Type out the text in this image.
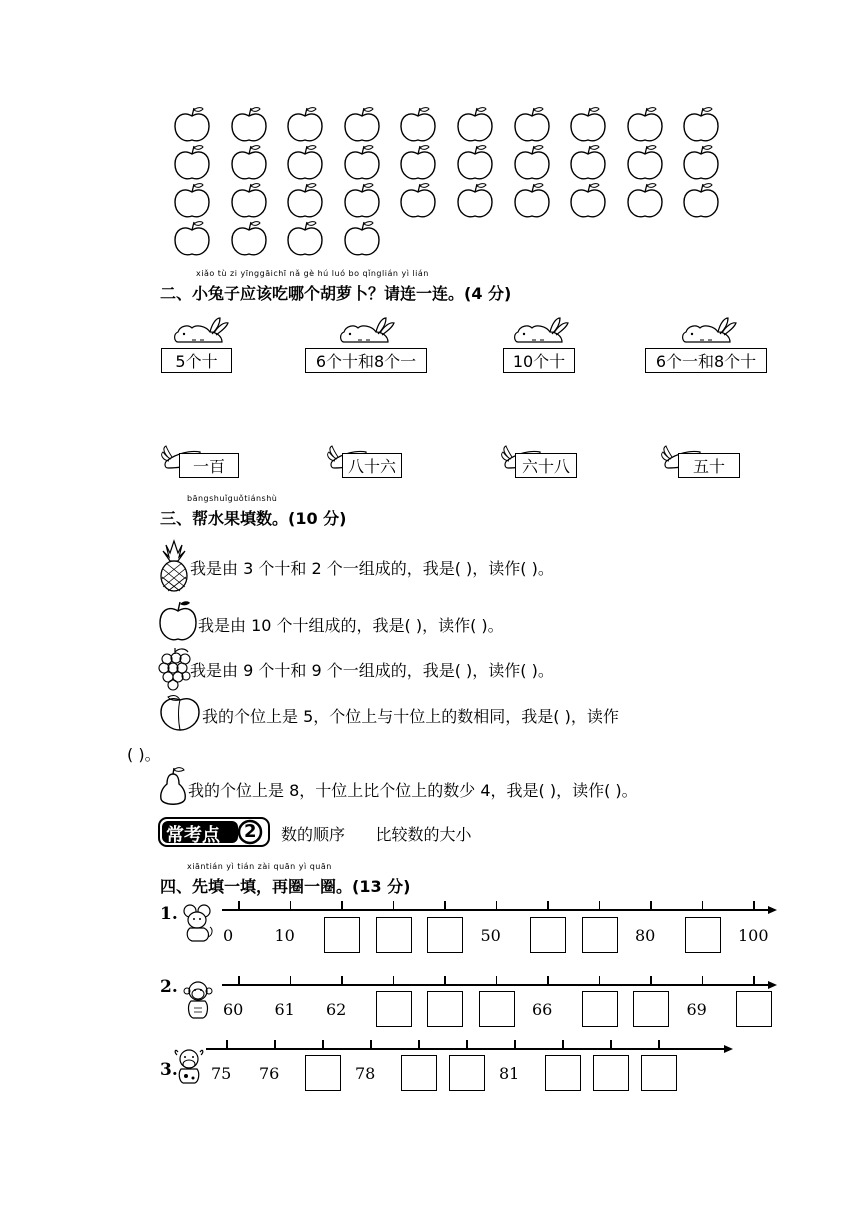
xiǎo tù zi yīnggāichī nǎ gè hú luó bo qǐnglián yì lián
二、小兔子应该吃哪个胡萝卜？请连一连。(4 分)
5个十	6个十和8个一	10个十	6个一和8个十
一百	八十六	六十八	五十
bāngshuǐguǒtiánshù
三、帮水果填数。(10 分)
我是由 3 个十和 2 个一组成的，我是( )，读作( )。
我是由 10 个十组成的，我是( )，读作( )。
我是由 9 个十和 9 个一组成的，我是( )，读作( )。
我的个位上是 5，个位上与十位上的数相同，我是( )，读作
( )。
我的个位上是 8，十位上比个位上的数少 4，我是( )，读作( )。
常考点 2 数的顺序      比较数的大小
xiāntián yì tián zài quān yì quān
四、先填一填，再圈一圈。(13 分)
1.
0	10	50	80	100
2.
60 61 62	66	69
3. 75 76	78	81
